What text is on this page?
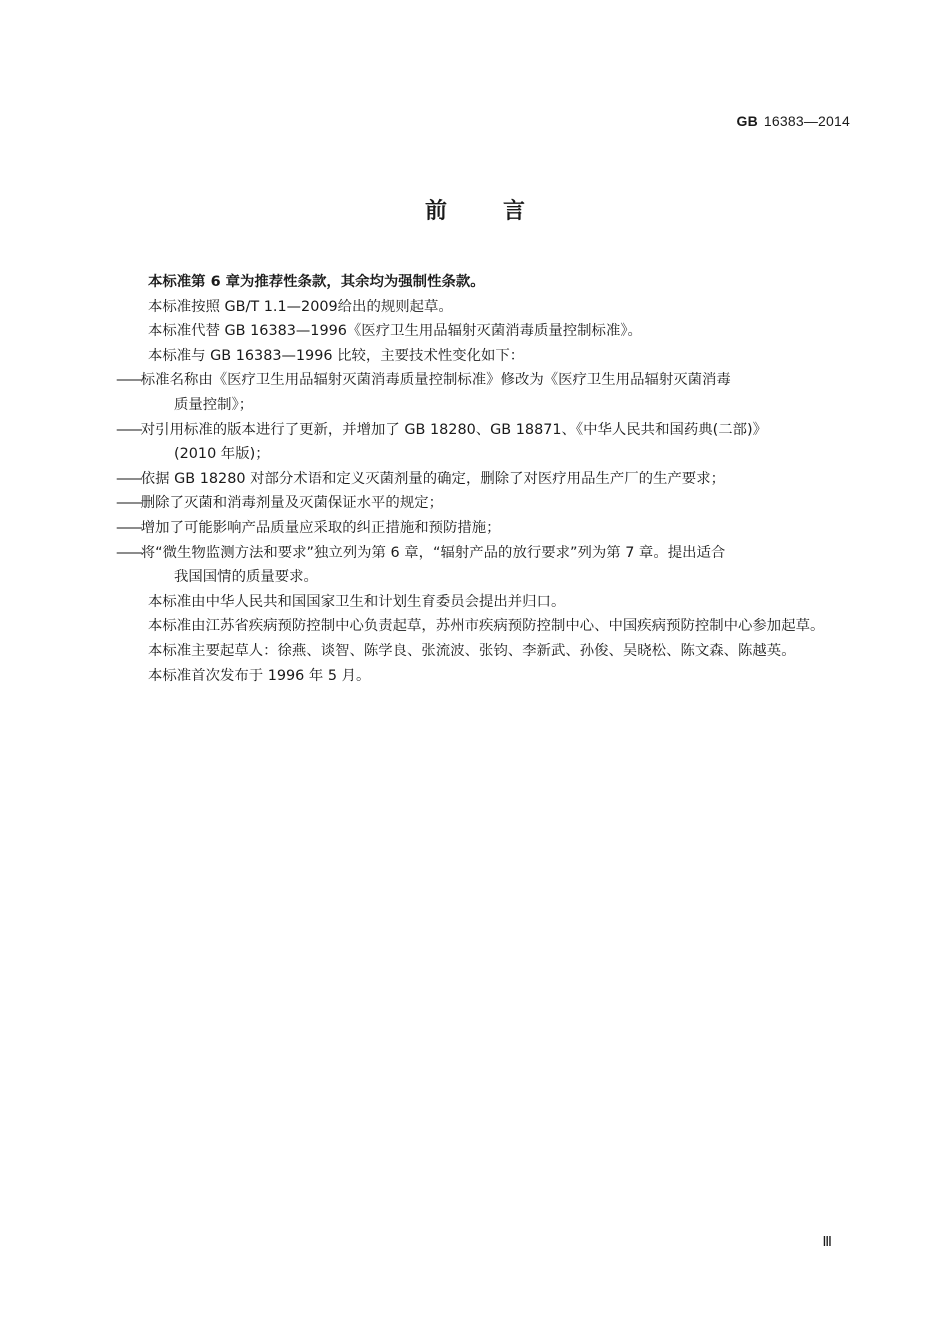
GB 16383—2014
前言

本标准第 6 章为推荐性条款，其余均为强制性条款。

本标准按照 GB/T 1.1—2009给出的规则起草。

本标准代替 GB 16383—1996《医疗卫生用品辐射灭菌消毒质量控制标准》。

本标准与 GB 16383—1996 比较，主要技术性变化如下：

——标准名称由《医疗卫生用品辐射灭菌消毒质量控制标准》修改为《医疗卫生用品辐射灭菌消毒
质量控制》；

——对引用标准的版本进行了更新，并增加了 GB 18280、GB 18871、《中华人民共和国药典(二部)》
(2010 年版)；

——依据 GB 18280 对部分术语和定义灭菌剂量的确定，删除了对医疗用品生产厂的生产要求；

——删除了灭菌和消毒剂量及灭菌保证水平的规定；

——增加了可能影响产品质量应采取的纠正措施和预防措施；

——将“微生物监测方法和要求”独立列为第 6 章，“辐射产品的放行要求”列为第 7 章。提出适合
我国国情的质量要求。

本标准由中华人民共和国国家卫生和计划生育委员会提出并归口。

本标准由江苏省疾病预防控制中心负责起草，苏州市疾病预防控制中心、中国疾病预防控制中心参加起草。

本标准主要起草人：徐燕、谈智、陈学良、张流波、张钧、李新武、孙俊、吴晓松、陈文森、陈越英。

本标准首次发布于 1996 年 5 月。

Ⅲ
